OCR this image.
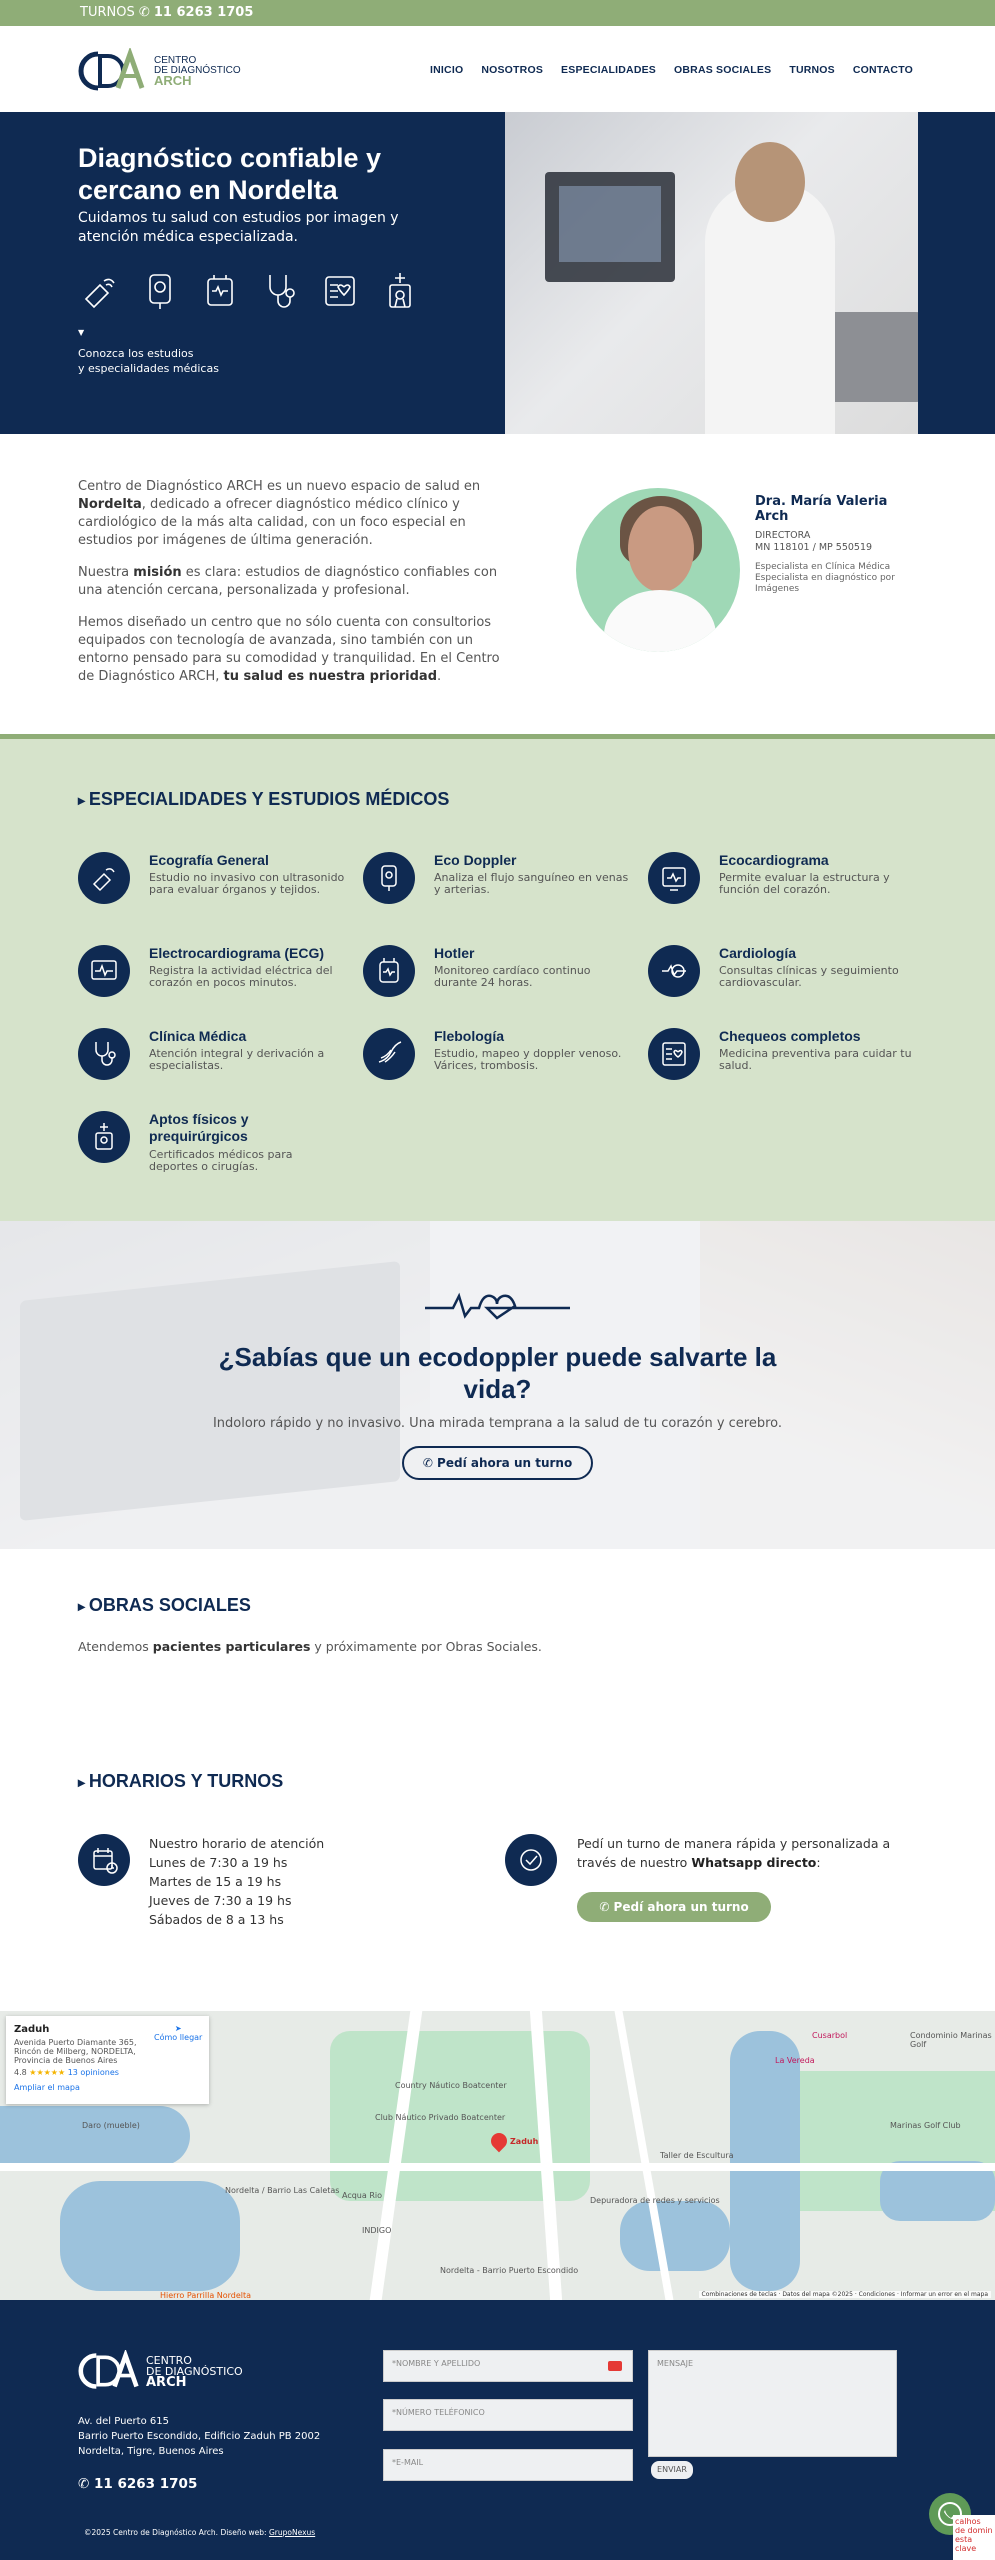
TURNOS ✆ 11 6263 1705
CENTRO
DE DIAGNÓSTICO
ARCH
INICIO NOSOTROS ESPECIALIDADES OBRAS SOCIALES TURNOS CONTACTO
Diagnóstico confiable y cercano en Nordelta
Cuidamos tu salud con estudios por imagen y atención médica especializada.
▼
Conozca los estudios
y especialidades médicas

Centro de Diagnóstico ARCH es un nuevo espacio de salud en Nordelta, dedicado a ofrecer diagnóstico médico clínico y cardiológico de la más alta calidad, con un foco especial en estudios por imágenes de última generación.

Nuestra misión es clara: estudios de diagnóstico confiables con una atención cercana, personalizada y profesional.

Hemos diseñado un centro que no sólo cuenta con consultorios equipados con tecnología de avanzada, sino también con un entorno pensado para su comodidad y tranquilidad. En el Centro de Diagnóstico ARCH, tu salud es nuestra prioridad.

Dra. María Valeria Arch
DIRECTORA
MN 118101 / MP 550519
Especialista en Clínica Médica
Especialista en diagnóstico por Imágenes
▸ ESPECIALIDADES Y ESTUDIOS MÉDICOS
Ecografía General
Estudio no invasivo con ultrasonido para evaluar órganos y tejidos.
Eco Doppler
Analiza el flujo sanguíneo en venas y arterias.
Ecocardiograma
Permite evaluar la estructura y función del corazón.
Electrocardiograma (ECG)
Registra la actividad eléctrica del corazón en pocos minutos.
Hotler
Monitoreo cardíaco continuo durante 24 horas.
Cardiología
Consultas clínicas y seguimiento cardiovascular.
Clínica Médica
Atención integral y derivación a especialistas.
Flebología
Estudio, mapeo y doppler venoso. Várices, trombosis.
Chequeos completos
Medicina preventiva para cuidar tu salud.
Aptos físicos y prequirúrgicos
Certificados médicos para deportes o cirugías.
¿Sabías que un ecodoppler puede salvarte la vida?
Indoloro rápido y no invasivo. Una mirada temprana a la salud de tu corazón y cerebro.
✆ Pedí ahora un turno
▸ OBRAS SOCIALES
Atendemos pacientes particulares y próximamente por Obras Sociales.
▸ HORARIOS Y TURNOS
Nuestro horario de atención
Lunes de 7:30 a 19 hs
Martes de 15 a 19 hs
Jueves de 7:30 a 19 hs
Sábados de 8 a 13 hs
Pedí un turno de manera rápida y personalizada a través de nuestro Whatsapp directo:
✆ Pedí ahora un turno
Country Náutico Boatcenter
Club Náutico Privado Boatcenter
Cusarbol
La Vereda
Condominio Marinas Golf
Marinas Golf Club
Taller de Escultura
Depuradora de redes y servicios
Nordelta / Barrio Las Caletas
Nordelta - Barrio Puerto Escondido
Acqua Rio
INDIGO
Hierro Parrilla Nordelta
Daro (mueble)
Zaduh
Zaduh
Avenida Puerto Diamante 365, Rincón de Milberg, NORDELTA, Provincia de Buenos Aires
4.8 ★★★★★ 13 opiniones
Ampliar el mapa
➤
Cómo llegar
Combinaciones de teclas · Datos del mapa ©2025 · Condiciones · Informar un error en el mapa
CENTRO
DE DIAGNÓSTICO
ARCH
Av. del Puerto 615
Barrio Puerto Escondido, Edificio Zaduh PB 2002
Nordelta, Tigre, Buenos Aires
✆ 11 6263 1705
©2025 Centro de Diagnóstico Arch. Diseño web: GrupoNexus
*NOMBRE Y APELLIDO
*NÚMERO TELÉFONICO
*E-MAIL
MENSAJE
ENVIAR
calhos
de domin
esta clave
